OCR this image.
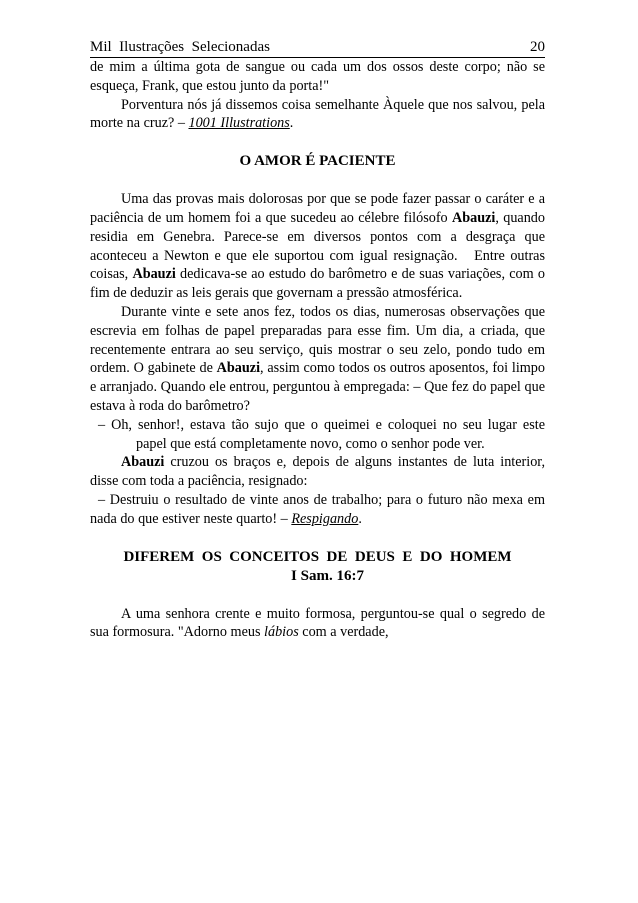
Mil  Ilustrações  Selecionadas	20

de mim a última gota de sangue ou cada um dos ossos deste corpo; não se esqueça, Frank, que estou junto da porta!"

Porventura nós já dissemos coisa semelhante Àquele que nos salvou, pela morte na cruz? – 1001 Illustrations.

O AMOR É PACIENTE

Uma das provas mais dolorosas por que se pode fazer passar o caráter e a paciência de um homem foi a que sucedeu ao célebre filósofo Abauzi, quando residia em Genebra. Parece-se em diversos pontos com a desgraça que aconteceu a Newton e que ele suportou com igual resignação.   Entre outras coisas, Abauzi dedicava-se ao estudo do barômetro e de suas variações, com o fim de deduzir as leis gerais que governam a pressão atmosférica.

Durante vinte e sete anos fez, todos os dias, numerosas observações que escrevia em folhas de papel preparadas para esse fim. Um dia, a criada, que recentemente entrara ao seu serviço, quis mostrar o seu zelo, pondo tudo em ordem. O gabinete de Abauzi, assim como todos os outros aposentos, foi limpo e arranjado. Quando ele entrou, perguntou à empregada: – Que fez do papel que estava à roda do barômetro?

– Oh, senhor!, estava tão sujo que o queimei e coloquei no seu lugar este papel que está completamente novo, como o senhor pode ver.

Abauzi cruzou os braços e, depois de alguns instantes de luta interior, disse com toda a paciência, resignado:

– Destruiu o resultado de vinte anos de trabalho; para o futuro não mexa em nada do que estiver neste quarto! – Respigando.

DIFEREM  OS  CONCEITOS  DE  DEUS  E  DO  HOMEM
I Sam. 16:7

A uma senhora crente e muito formosa, perguntou-se qual o segredo de sua formosura. "Adorno meus lábios com a verdade,
